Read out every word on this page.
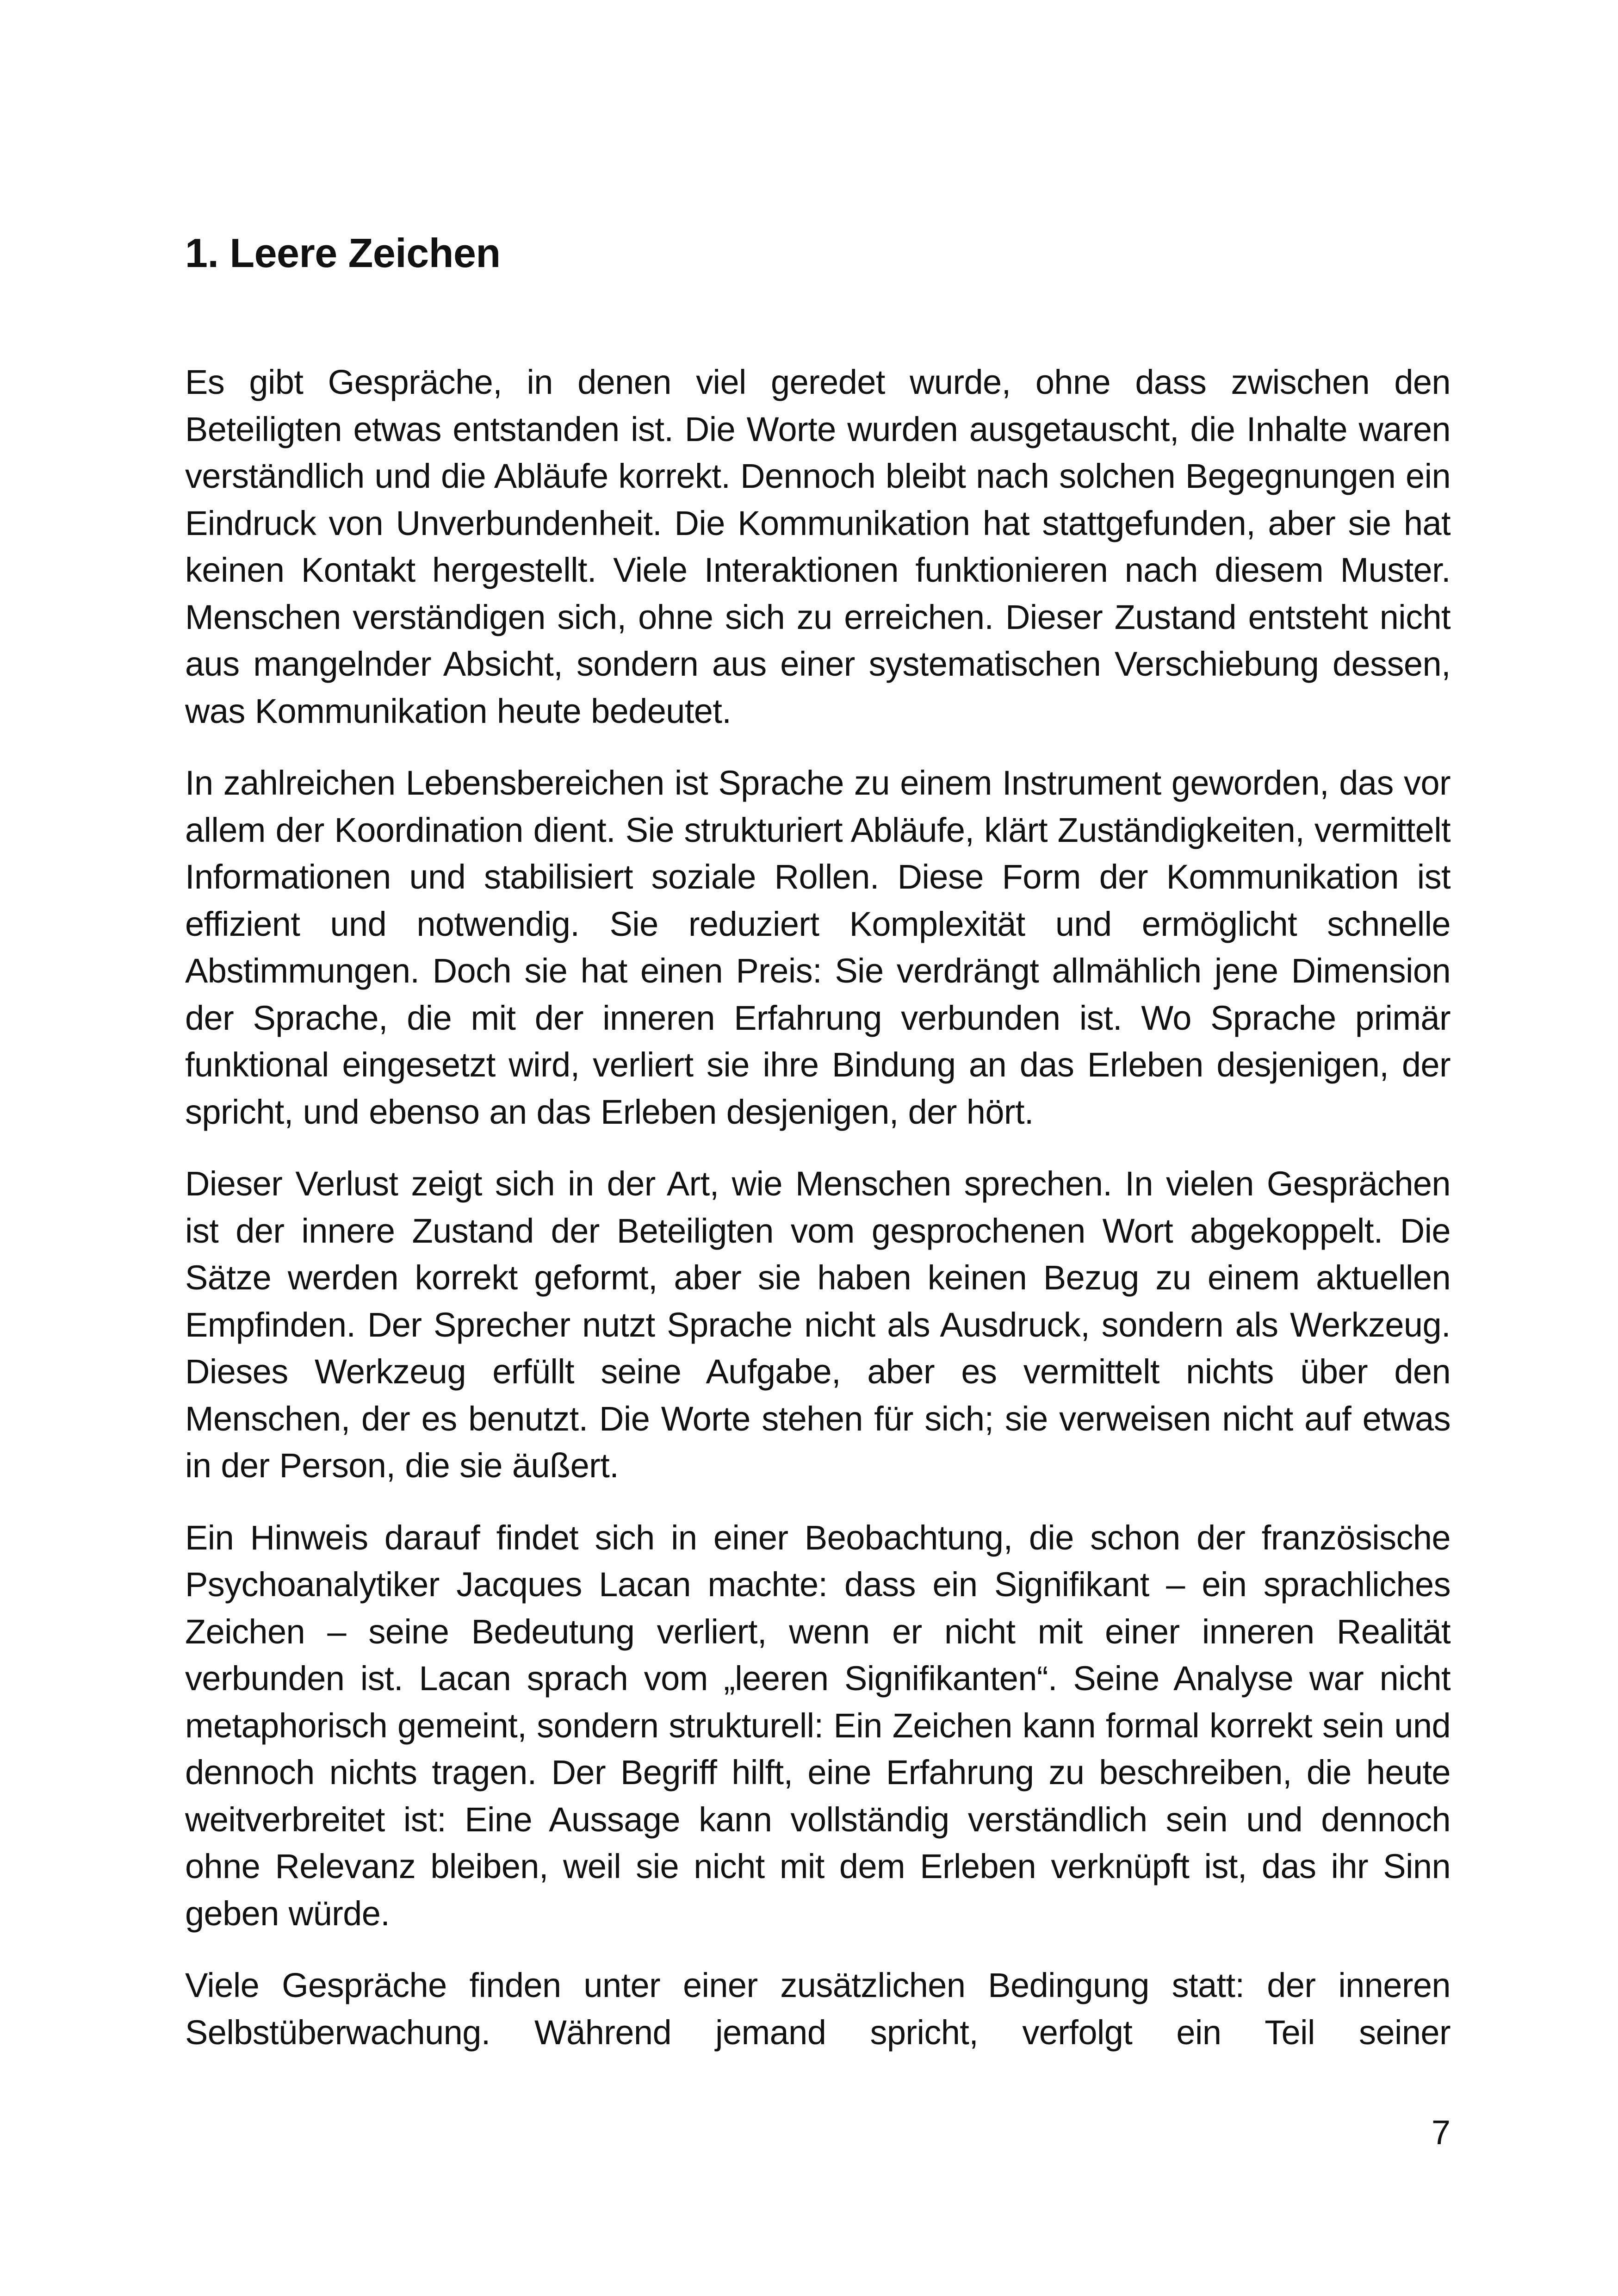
1. Leere Zeichen

Es gibt Gespräche, in denen viel geredet wurde, ohne dass zwischen den Beteiligten etwas entstanden ist. Die Worte wurden ausgetauscht, die Inhalte waren verständlich und die Abläufe korrekt. Dennoch bleibt nach solchen Begegnungen ein Eindruck von Unverbundenheit. Die Kommunikation hat stattgefunden, aber sie hat keinen Kontakt hergestellt. Viele Interaktionen funktionieren nach diesem Muster. Menschen verständigen sich, ohne sich zu erreichen. Dieser Zustand entsteht nicht aus mangelnder Absicht, sondern aus einer systematischen Verschiebung dessen, was Kommunikation heute bedeutet.

In zahlreichen Lebensbereichen ist Sprache zu einem Instrument geworden, das vor allem der Koordination dient. Sie strukturiert Abläufe, klärt Zuständigkeiten, vermittelt Informationen und stabilisiert soziale Rollen. Diese Form der Kommunikation ist effizient und notwendig. Sie reduziert Komplexität und ermöglicht schnelle Abstimmungen. Doch sie hat einen Preis: Sie verdrängt allmählich jene Dimension der Sprache, die mit der inneren Erfahrung verbunden ist. Wo Sprache primär funktional eingesetzt wird, verliert sie ihre Bindung an das Erleben desjenigen, der spricht, und ebenso an das Erleben desjenigen, der hört.

Dieser Verlust zeigt sich in der Art, wie Menschen sprechen. In vielen Gesprächen ist der innere Zustand der Beteiligten vom gesprochenen Wort abgekoppelt. Die Sätze werden korrekt geformt, aber sie haben keinen Bezug zu einem aktuellen Empfinden. Der Sprecher nutzt Sprache nicht als Ausdruck, sondern als Werkzeug. Dieses Werkzeug erfüllt seine Aufgabe, aber es vermittelt nichts über den Menschen, der es benutzt. Die Worte stehen für sich; sie verweisen nicht auf etwas in der Person, die sie äußert.

Ein Hinweis darauf findet sich in einer Beobachtung, die schon der französische Psychoanalytiker Jacques Lacan machte: dass ein Signifikant – ein sprachliches Zeichen – seine Bedeutung verliert, wenn er nicht mit einer inneren Realität verbunden ist. Lacan sprach vom „leeren Signifikanten“. Seine Analyse war nicht metaphorisch gemeint, sondern strukturell: Ein Zeichen kann formal korrekt sein und dennoch nichts tragen. Der Begriff hilft, eine Erfahrung zu beschreiben, die heute weitverbreitet ist: Eine Aussage kann vollständig verständlich sein und dennoch ohne Relevanz bleiben, weil sie nicht mit dem Erleben verknüpft ist, das ihr Sinn geben würde.

Viele Gespräche finden unter einer zusätzlichen Bedingung statt: der inneren Selbstüberwachung. Während jemand spricht, verfolgt ein Teil seiner

7
